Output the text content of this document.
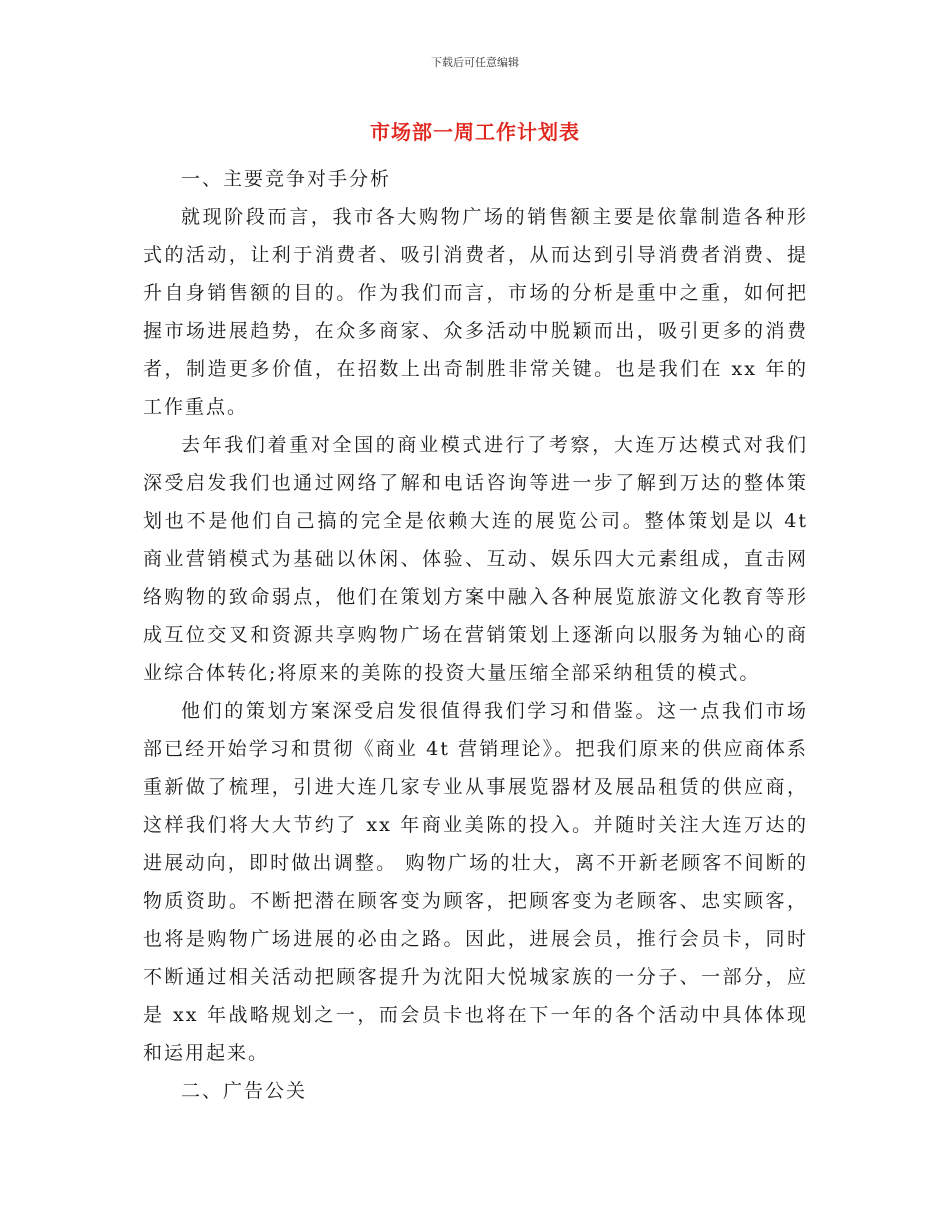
下载后可任意编辑
市场部一周工作计划表
一、主要竞争对手分析

就现阶段而言，我市各大购物广场的销售额主要是依靠制造各种形式的活动，让利于消费者、吸引消费者，从而达到引导消费者消费、提升自身销售额的目的。作为我们而言，市场的分析是重中之重，如何把握市场进展趋势，在众多商家、众多活动中脱颖而出，吸引更多的消费者，制造更多价值，在招数上出奇制胜非常关键。也是我们在 xx 年的工作重点。

去年我们着重对全国的商业模式进行了考察，大连万达模式对我们深受启发我们也通过网络了解和电话咨询等进一步了解到万达的整体策划也不是他们自己搞的完全是依赖大连的展览公司。整体策划是以 4t 商业营销模式为基础以休闲、体验、互动、娱乐四大元素组成，直击网络购物的致命弱点，他们在策划方案中融入各种展览旅游文化教育等形成互位交叉和资源共享购物广场在营销策划上逐渐向以服务为轴心的商业综合体转化;将原来的美陈的投资大量压缩全部采纳租赁的模式。

他们的策划方案深受启发很值得我们学习和借鉴。这一点我们市场部已经开始学习和贯彻《商业 4t 营销理论》。把我们原来的供应商体系重新做了梳理，引进大连几家专业从事展览器材及展品租赁的供应商，这样我们将大大节约了 xx 年商业美陈的投入。并随时关注大连万达的进展动向，即时做出调整。 购物广场的壮大，离不开新老顾客不间断的物质资助。不断把潜在顾客变为顾客，把顾客变为老顾客、忠实顾客，也将是购物广场进展的必由之路。因此，进展会员，推行会员卡，同时不断通过相关活动把顾客提升为沈阳大悦城家族的一分子、一部分，应是 xx 年战略规划之一，而会员卡也将在下一年的各个活动中具体体现和运用起来。

二、广告公关
